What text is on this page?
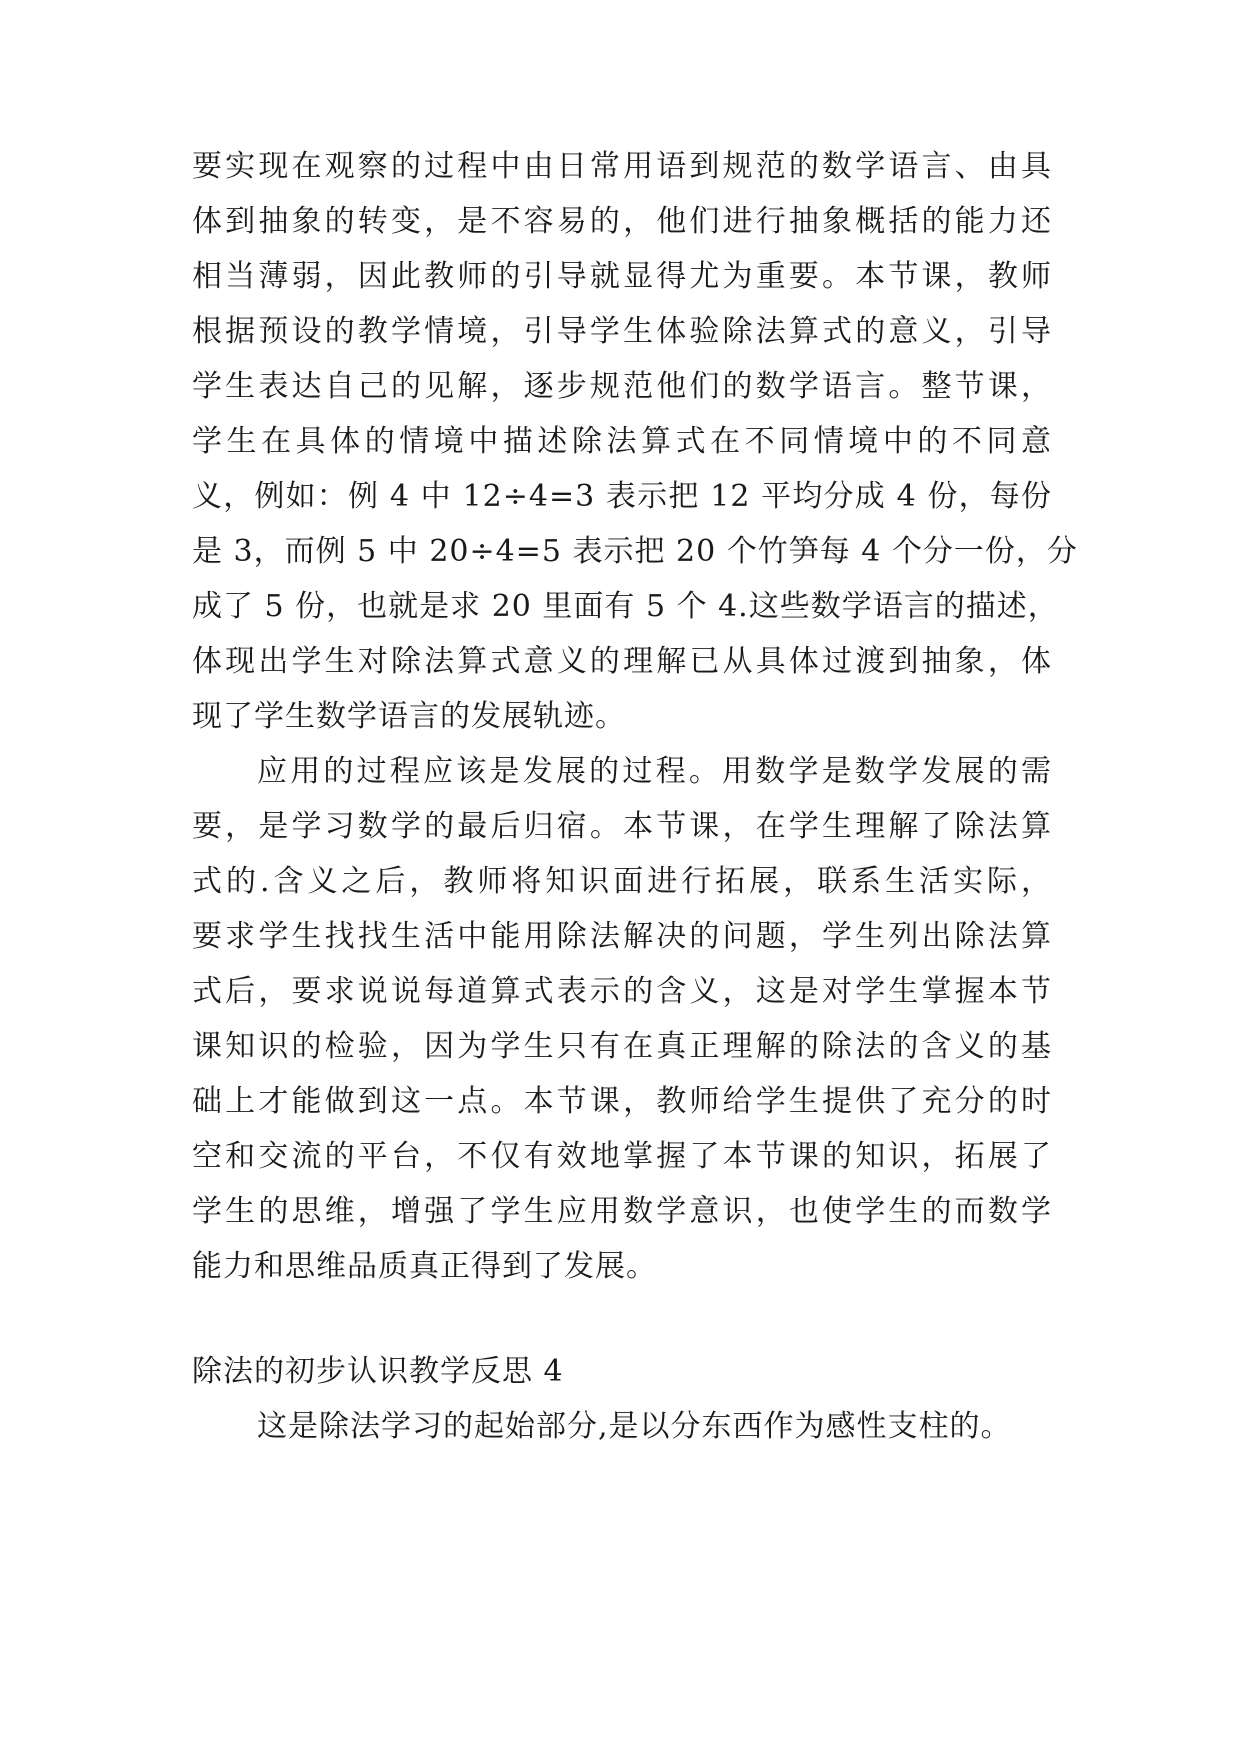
要实现在观察的过程中由日常用语到规范的数学语言、由具
体到抽象的转变，是不容易的，他们进行抽象概括的能力还
相当薄弱，因此教师的引导就显得尤为重要。本节课，教师
根据预设的教学情境，引导学生体验除法算式的意义，引导
学生表达自己的见解，逐步规范他们的数学语言。整节课，
学生在具体的情境中描述除法算式在不同情境中的不同意
义，例如：例 4 中 12÷4=3 表示把 12 平均分成 4 份，每份
是 3，而例 5 中 20÷4=5 表示把 20 个竹笋每 4 个分一份，分
成了 5 份，也就是求 20 里面有 5 个 4.这些数学语言的描述，
体现出学生对除法算式意义的理解已从具体过渡到抽象，体
现了学生数学语言的发展轨迹。
应用的过程应该是发展的过程。用数学是数学发展的需
要，是学习数学的最后归宿。本节课，在学生理解了除法算
式的.含义之后，教师将知识面进行拓展，联系生活实际，
要求学生找找生活中能用除法解决的问题，学生列出除法算
式后，要求说说每道算式表示的含义，这是对学生掌握本节
课知识的检验，因为学生只有在真正理解的除法的含义的基
础上才能做到这一点。本节课，教师给学生提供了充分的时
空和交流的平台，不仅有效地掌握了本节课的知识，拓展了
学生的思维，增强了学生应用数学意识，也使学生的而数学
能力和思维品质真正得到了发展。
除法的初步认识教学反思 4
这是除法学习的起始部分,是以分东西作为感性支柱的。
